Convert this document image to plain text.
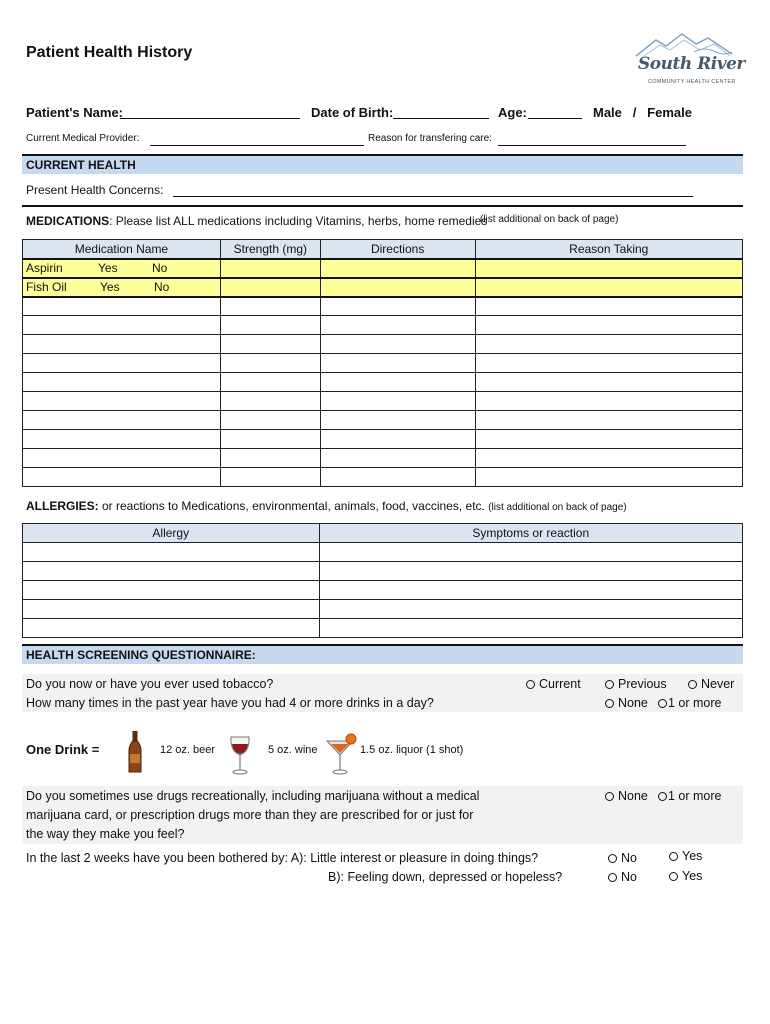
Patient Health History
South River
COMMUNITY HEALTH CENTER
Patient's Name:	Date of Birth:	Age:	Male   /   Female
Current Medical Provider:	Reason for transfering care:
CURRENT HEALTH
Present Health Concerns:
MEDICATIONS: Please list ALL medications including Vitamins, herbs, home remedies
(list additional on back of page)
Medication Name	Strength (mg)	Directions	Reason Taking
Aspirin Yes No			
Fish Oil Yes No			

ALLERGIES: or reactions to Medications, environmental, animals, food, vaccines, etc. (list additional on back of page)
Allergy	Symptoms or reaction

HEALTH SCREENING QUESTIONNAIRE:
Do you now or have you ever used tobacco?	Current	Previous	Never
How many times in the past year have you had 4 or more drinks in a day?	None	1 or more
One Drink =	12 oz. beer	5 oz. wine	1.5 oz. liquor (1 shot)
Do you sometimes use drugs recreationally, including marijuana without a medical
marijuana card, or prescription drugs more than they are prescribed for or just for
the way they make you feel?
None	1 or more
In the last 2 weeks have you been bothered by: A): Little interest or pleasure in doing things?
B): Feeling down, depressed or hopeless?
No	Yes
No	Yes
